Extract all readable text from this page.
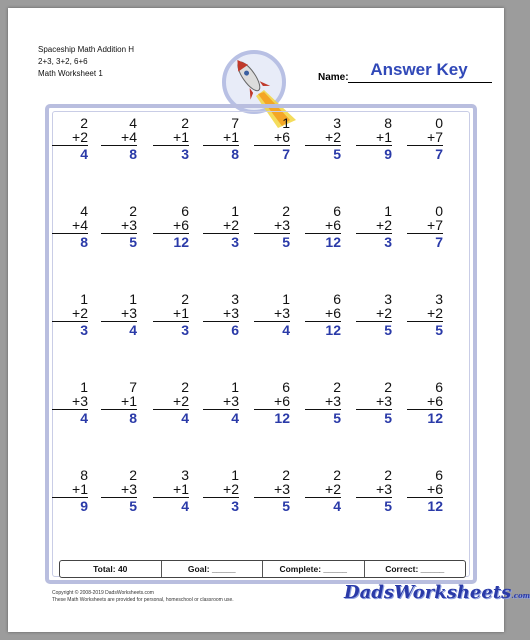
Spaceship Math Addition H
2+3, 3+2, 6+6
Math Worksheet 1	Name:	Answer Key
2
+2
4
4
+4
8
2
+1
3
7
+1
8
1
+6
7
3
+2
5
8
+1
9
0
+7
7
4
+4
8
2
+3
5
6
+6
12
1
+2
3
2
+3
5
6
+6
12
1
+2
3
0
+7
7
1
+2
3
1
+3
4
2
+1
3
3
+3
6
1
+3
4
6
+6
12
3
+2
5
3
+2
5
1
+3
4
7
+1
8
2
+2
4
1
+3
4
6
+6
12
2
+3
5
2
+3
5
6
+6
12
8
+1
9
2
+3
5
3
+1
4
1
+2
3
2
+3
5
2
+2
4
2
+3
5
6
+6
12
Total: 40	Goal: _____	Complete: _____	Correct: _____
Copyright © 2008-2019 DadsWorksheets.com
These Math Worksheets are provided for personal, homeschool or classroom use.	DadsWorksheets.com
